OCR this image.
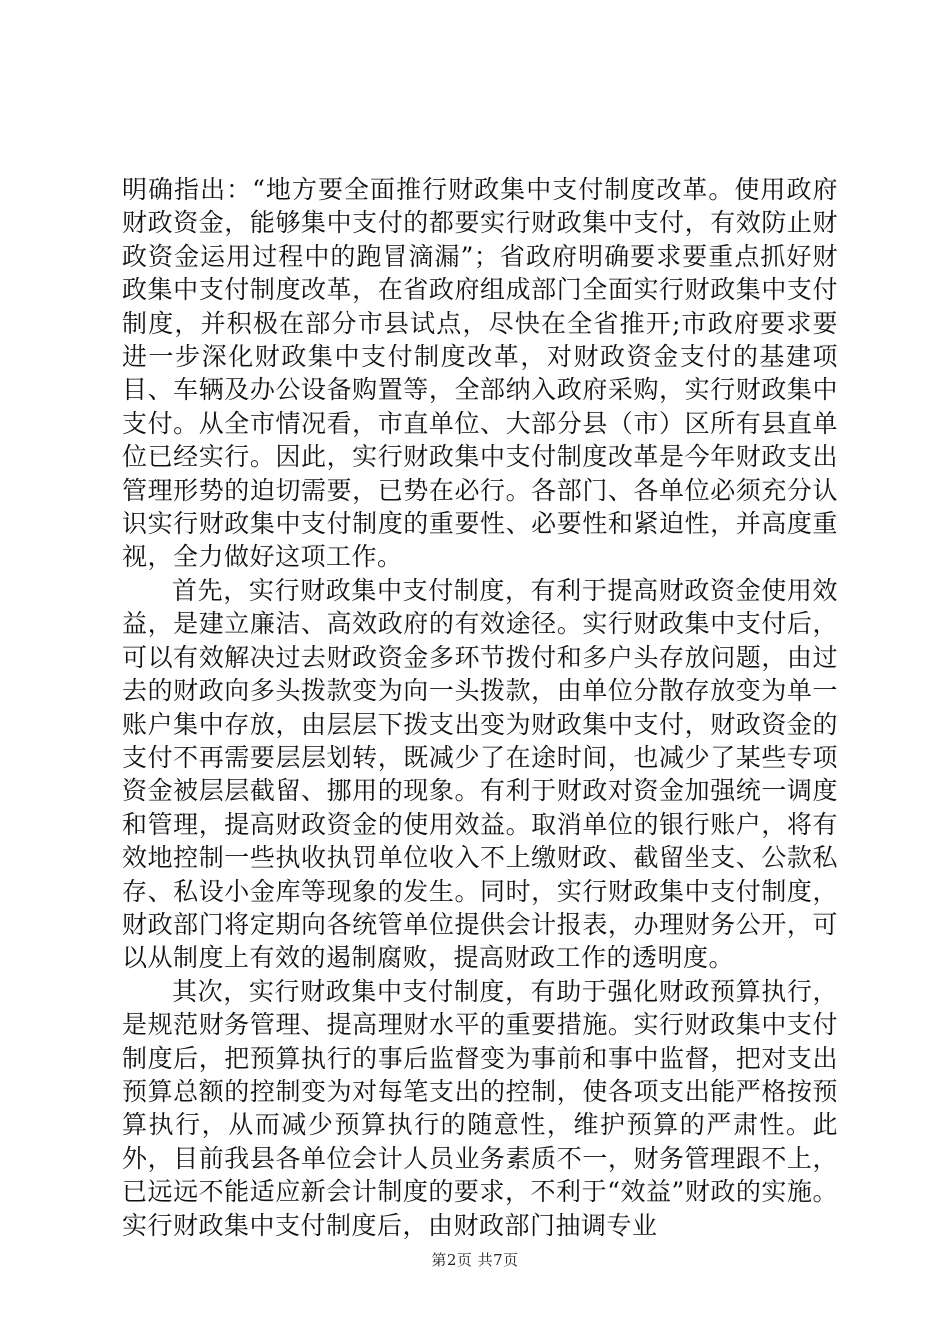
明确指出：“地方要全面推行财政集中支付制度改革。使用政府财政资金，能够集中支付的都要实行财政集中支付，有效防止财政资金运用过程中的跑冒滴漏”；省政府明确要求要重点抓好财政集中支付制度改革，在省政府组成部门全面实行财政集中支付制度，并积极在部分市县试点，尽快在全省推开;市政府要求要进一步深化财政集中支付制度改革，对财政资金支付的基建项目、车辆及办公设备购置等，全部纳入政府采购，实行财政集中支付。从全市情况看，市直单位、大部分县（市）区所有县直单位已经实行。因此，实行财政集中支付制度改革是今年财政支出管理形势的迫切需要，已势在必行。各部门、各单位必须充分认识实行财政集中支付制度的重要性、必要性和紧迫性，并高度重视，全力做好这项工作。

首先，实行财政集中支付制度，有利于提高财政资金使用效益，是建立廉洁、高效政府的有效途径。实行财政集中支付后，可以有效解决过去财政资金多环节拨付和多户头存放问题，由过去的财政向多头拨款变为向一头拨款，由单位分散存放变为单一账户集中存放，由层层下拨支出变为财政集中支付，财政资金的支付不再需要层层划转，既减少了在途时间，也减少了某些专项资金被层层截留、挪用的现象。有利于财政对资金加强统一调度和管理，提高财政资金的使用效益。取消单位的银行账户，将有效地控制一些执收执罚单位收入不上缴财政、截留坐支、公款私存、私设小金库等现象的发生。同时，实行财政集中支付制度，财政部门将定期向各统管单位提供会计报表，办理财务公开，可以从制度上有效的遏制腐败，提高财政工作的透明度。

其次，实行财政集中支付制度，有助于强化财政预算执行，是规范财务管理、提高理财水平的重要措施。实行财政集中支付制度后，把预算执行的事后监督变为事前和事中监督，把对支出预算总额的控制变为对每笔支出的控制，使各项支出能严格按预算执行，从而减少预算执行的随意性，维护预算的严肃性。此外，目前我县各单位会计人员业务素质不一，财务管理跟不上，已远远不能适应新会计制度的要求，不利于“效益”财政的实施。实行财政集中支付制度后，由财政部门抽调专业

第2页 共7页
